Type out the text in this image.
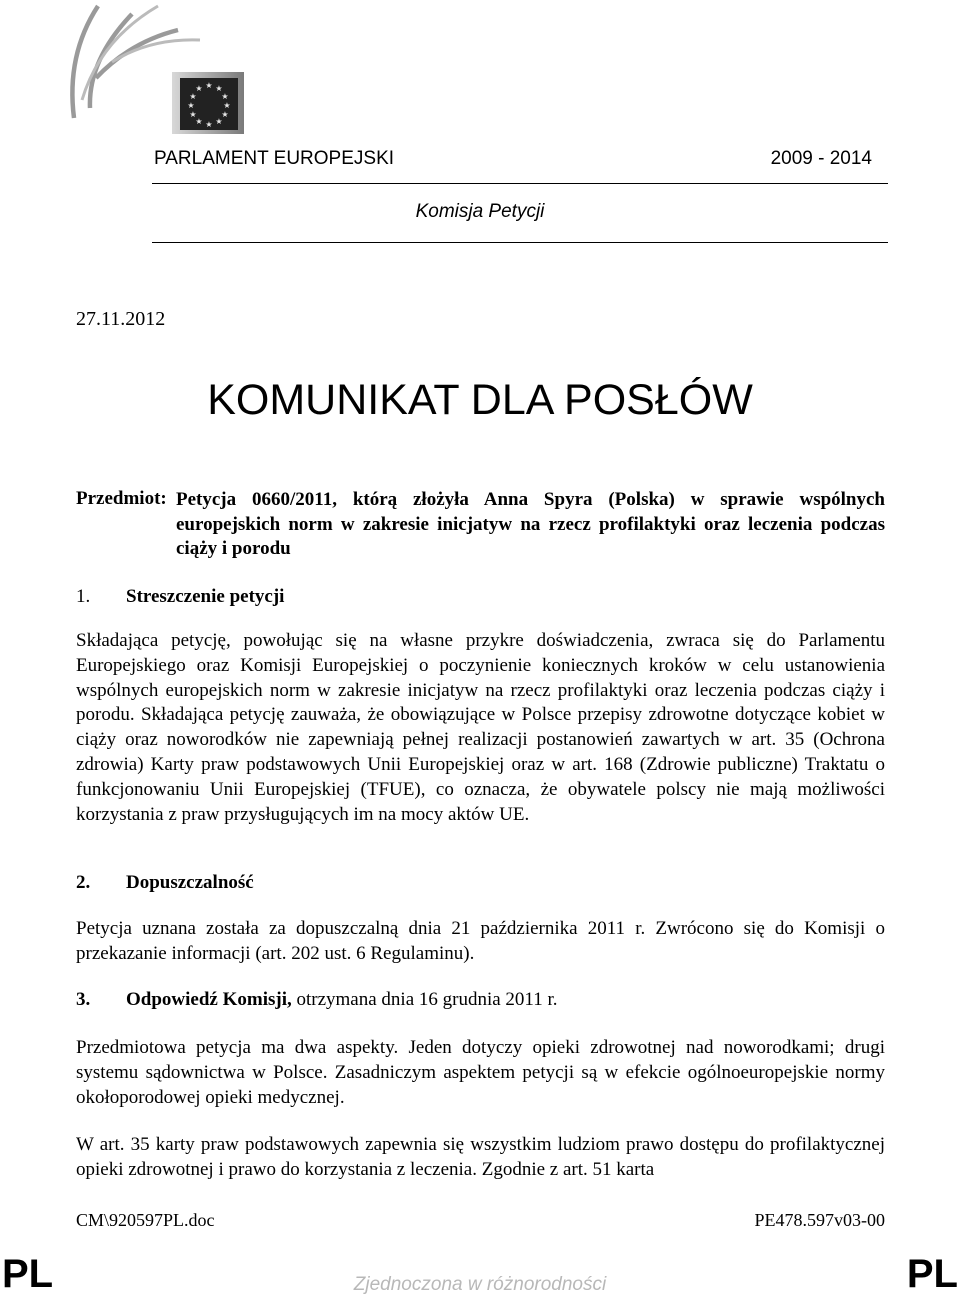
★ ★
★
★
★
★
★
★
★
★
★
★
PARLAMENT EUROPEJSKI	2009 - 2014
Komisja Petycji
27.11.2012
KOMUNIKAT DLA POSŁÓW
Przedmiot: Petycja 0660/2011, którą złożyła Anna Spyra (Polska) w sprawie wspólnych europejskich norm w zakresie inicjatyw na rzecz profilaktyki oraz leczenia podczas ciąży i porodu
1. Streszczenie petycji
Składająca petycję, powołując się na własne przykre doświadczenia, zwraca się do Parlamentu Europejskiego oraz Komisji Europejskiej o poczynienie koniecznych kroków w celu ustanowienia wspólnych europejskich norm w zakresie inicjatyw na rzecz profilaktyki oraz leczenia podczas ciąży i porodu. Składająca petycję zauważa, że obowiązujące w Polsce przepisy zdrowotne dotyczące kobiet w ciąży oraz noworodków nie zapewniają pełnej realizacji postanowień zawartych w art. 35 (Ochrona zdrowia) Karty praw podstawowych Unii Europejskiej oraz w art. 168 (Zdrowie publiczne) Traktatu o funkcjonowaniu Unii Europejskiej (TFUE), co oznacza, że obywatele polscy nie mają możliwości korzystania z praw przysługujących im na mocy aktów UE.
2. Dopuszczalność
Petycja uznana została za dopuszczalną dnia 21 października 2011 r. Zwrócono się do Komisji o przekazanie informacji (art. 202 ust. 6 Regulaminu).
3. Odpowiedź Komisji, otrzymana dnia 16 grudnia 2011 r.
Przedmiotowa petycja ma dwa aspekty. Jeden dotyczy opieki zdrowotnej nad noworodkami; drugi systemu sądownictwa w Polsce. Zasadniczym aspektem petycji są w efekcie ogólnoeuropejskie normy okołoporodowej opieki medycznej.
W art. 35 karty praw podstawowych zapewnia się wszystkim ludziom prawo dostępu do profilaktycznej opieki zdrowotnej i prawo do korzystania z leczenia. Zgodnie z art. 51 karta
CM\920597PL.doc	PE478.597v03-00
PL	PL
Zjednoczona w różnorodności
